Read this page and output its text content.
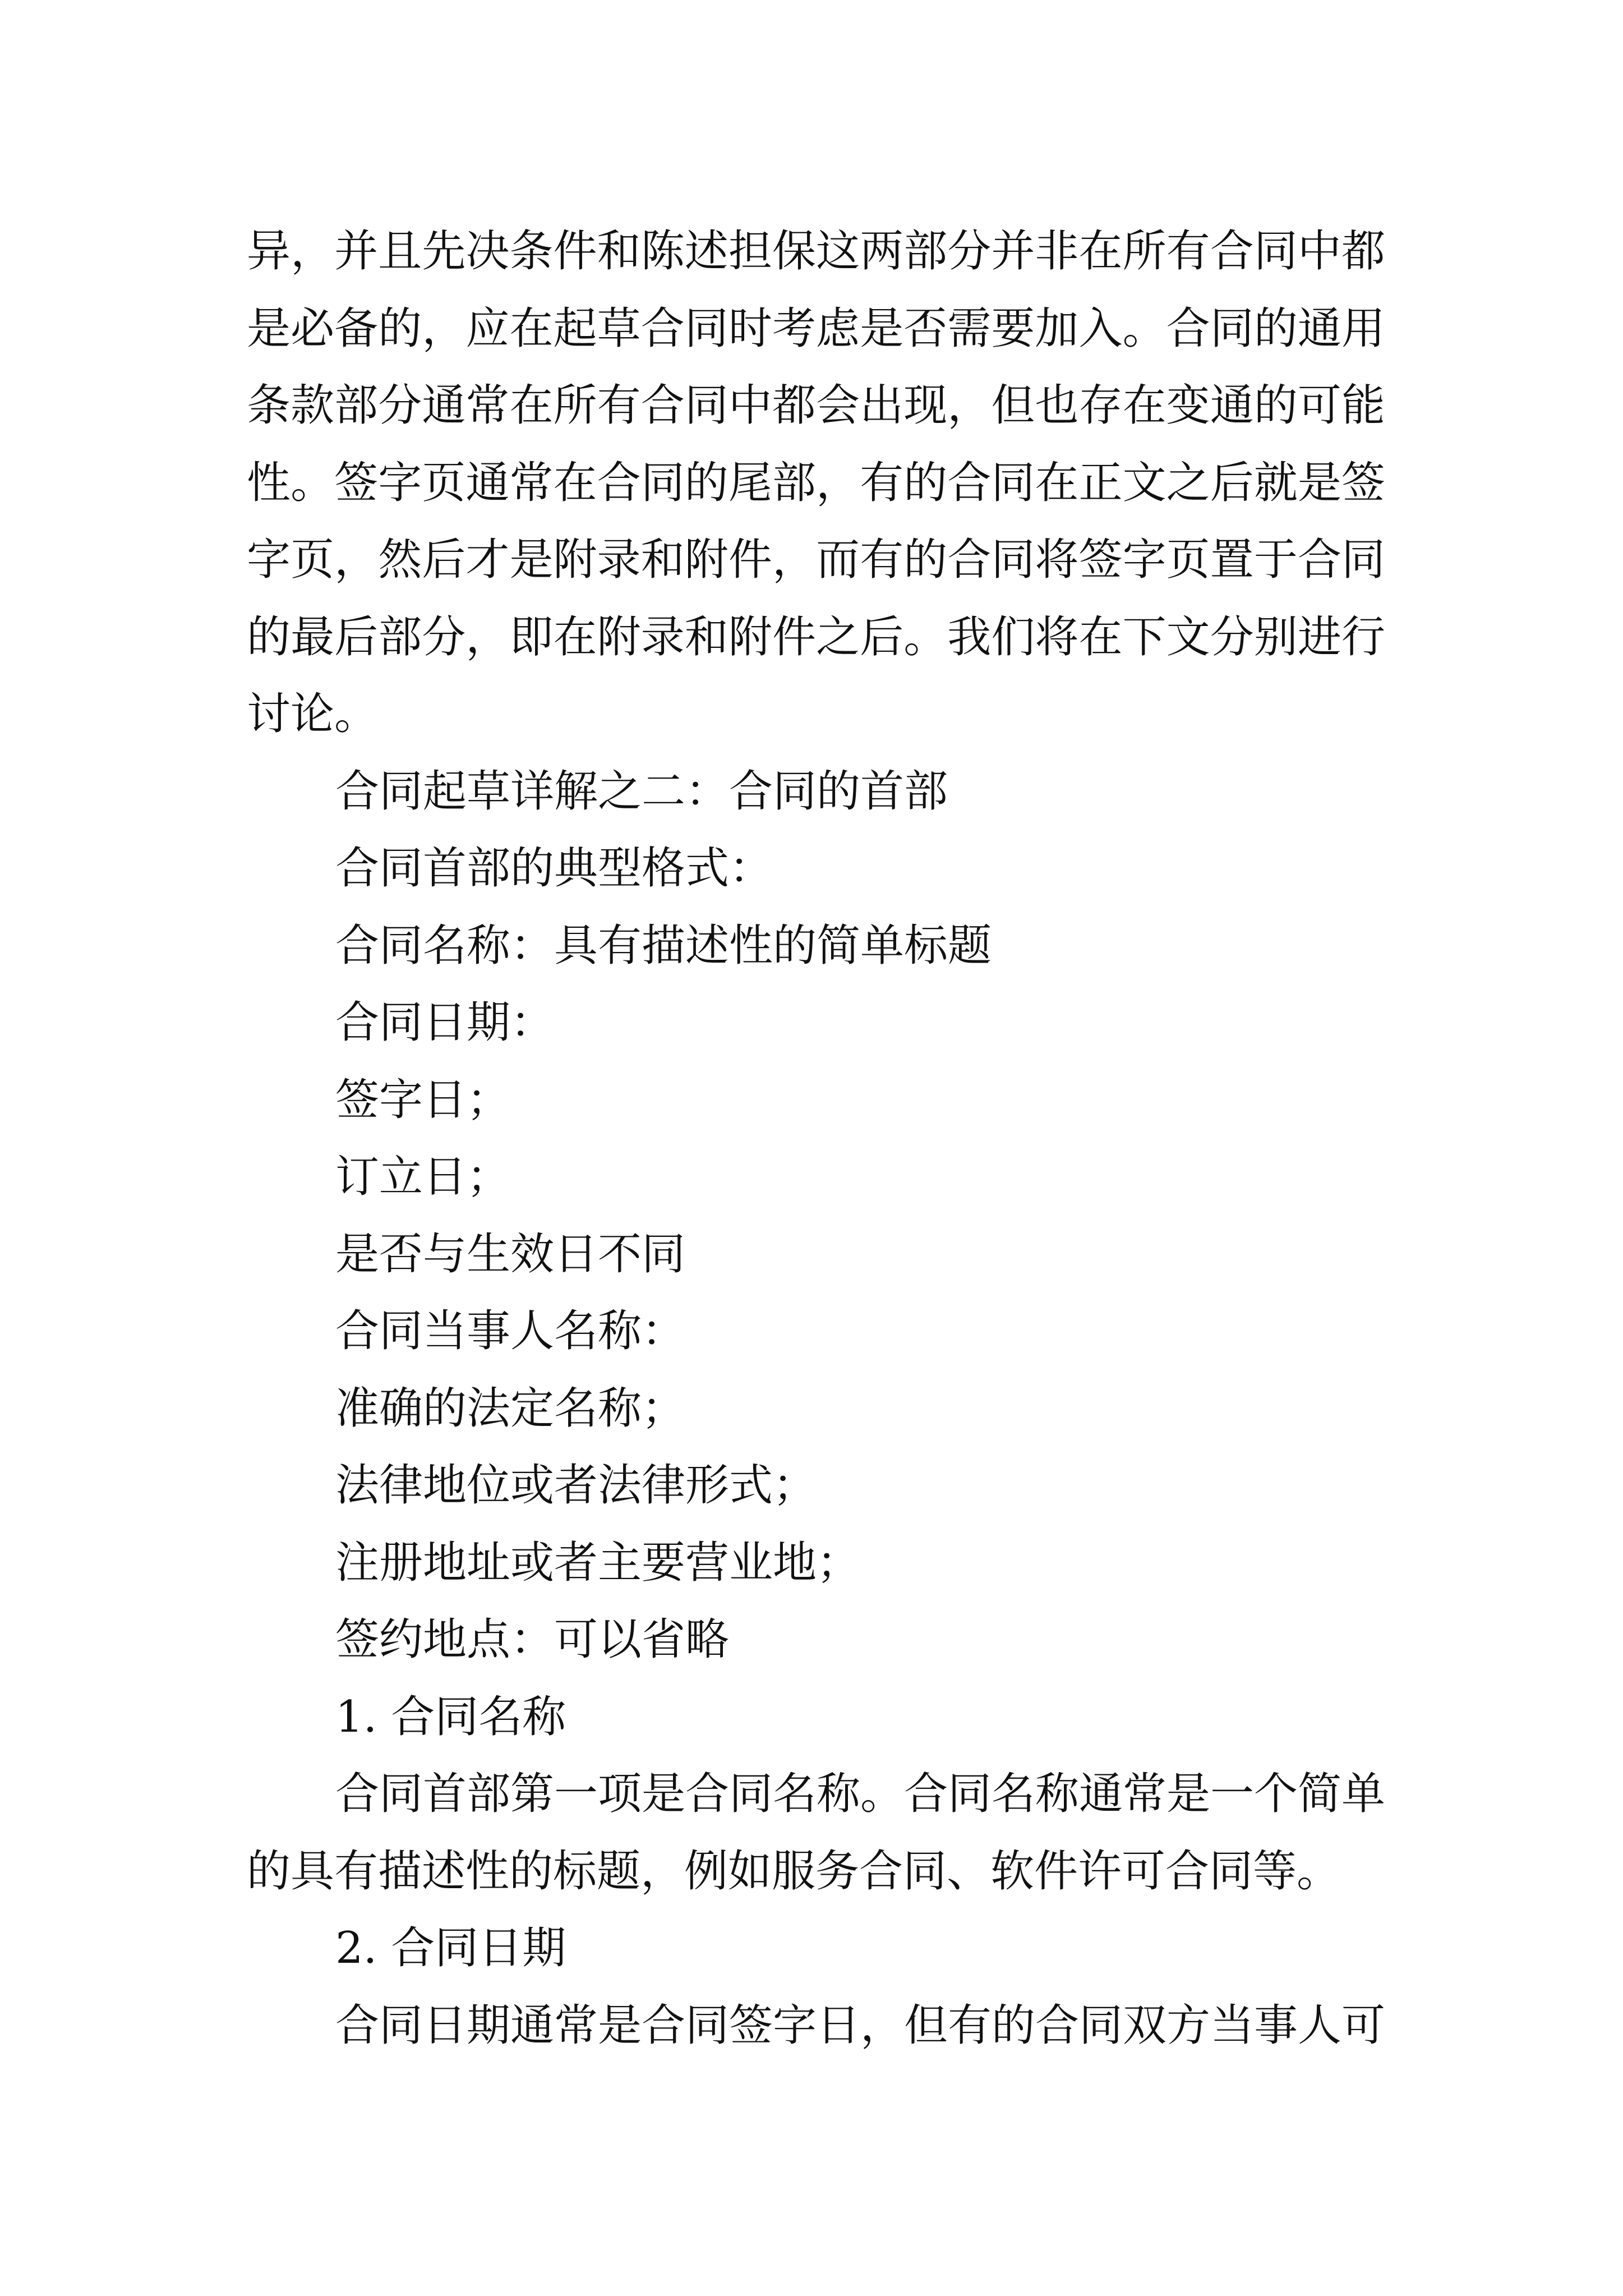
异，并且先决条件和陈述担保这两部分并非在所有合同中都
是必备的，应在起草合同时考虑是否需要加入。合同的通用
条款部分通常在所有合同中都会出现，但也存在变通的可能
性。签字页通常在合同的尾部，有的合同在正文之后就是签
字页，然后才是附录和附件，而有的合同将签字页置于合同
的最后部分，即在附录和附件之后。我们将在下文分别进行
讨论。
合同起草详解之二：合同的首部
合同首部的典型格式：
合同名称：具有描述性的简单标题
合同日期：
签字日；
订立日；
是否与生效日不同
合同当事人名称：
准确的法定名称；
法律地位或者法律形式；
注册地址或者主要营业地；
签约地点：可以省略
1. 合同名称
合同首部第一项是合同名称。合同名称通常是一个简单
的具有描述性的标题，例如服务合同、软件许可合同等。
2. 合同日期
合同日期通常是合同签字日，但有的合同双方当事人可
